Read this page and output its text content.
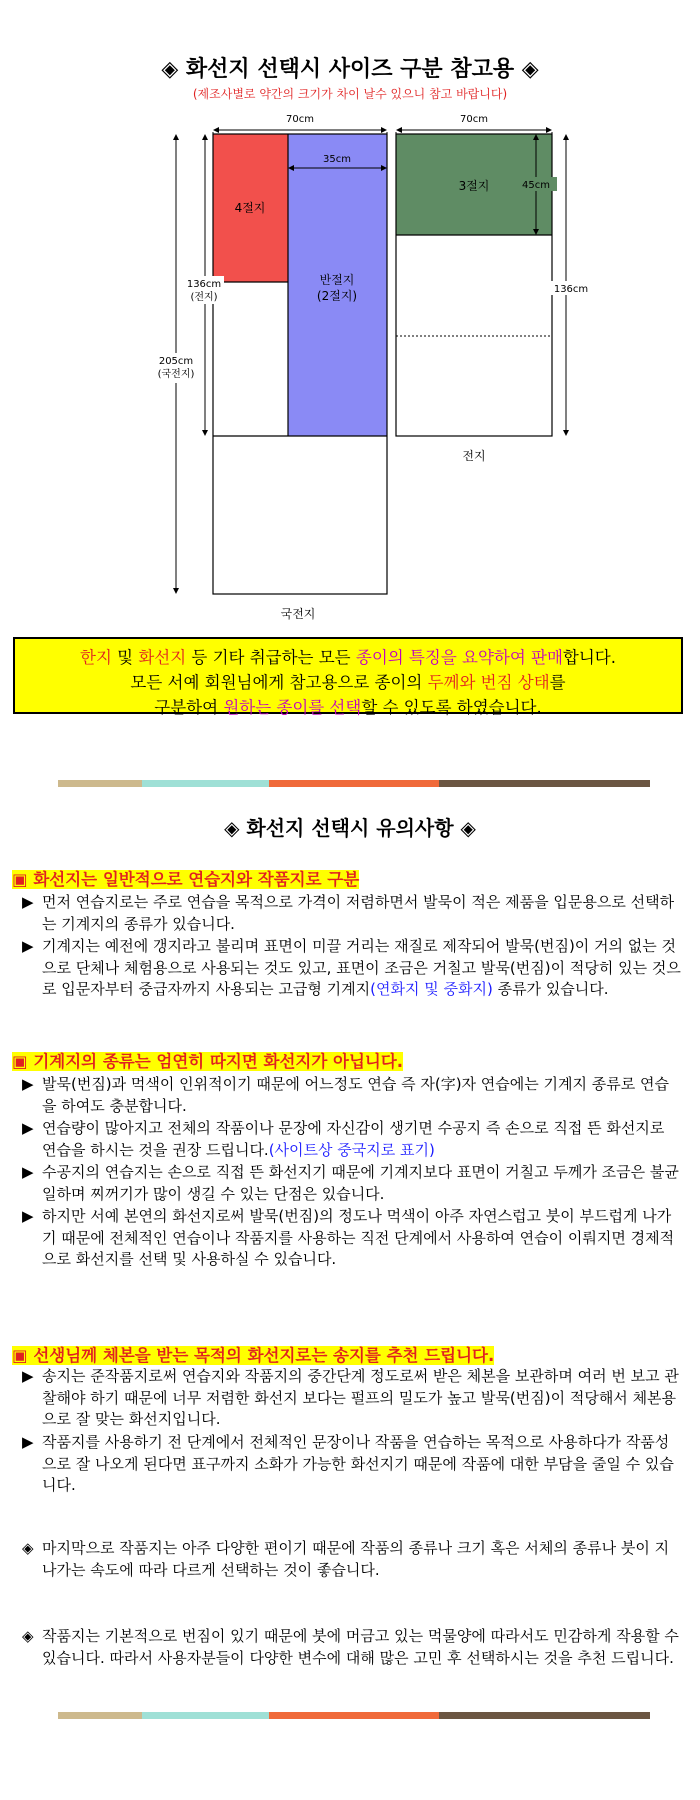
◈ 화선지 선택시 사이즈 구분 참고용 ◈
(제조사별로 약간의 크기가 차이 날수 있으니 참고 바랍니다)
70cm
35cm
4절지
반절지
(2절지)
136cm
(전지)
205cm
(국전지)
국전지
70cm
3절지	45cm
136cm
전지
한지 및 화선지 등 기타 취급하는 모든 종이의 특징을 요약하여 판매합니다.
모든 서예 회원님에게 참고용으로 종이의 두께와 번짐 상태를
구분하여 원하는 종이를 선택할 수 있도록 하였습니다.
◈ 화선지 선택시 유의사항 ◈
▣ 화선지는 일반적으로 연습지와 작품지로 구분
▶ 먼저 연습지로는 주로 연습을 목적으로 가격이 저렴하면서 발묵이 적은 제품을 입문용으로 선택하는 기계지의 종류가 있습니다.
▶ 기계지는 예전에 갱지라고 불리며 표면이 미끌 거리는 재질로 제작되어 발묵(번짐)이 거의 없는 것으로 단체나 체험용으로 사용되는 것도 있고, 표면이 조금은 거칠고 발묵(번짐)이 적당히 있는 것으로 입문자부터 중급자까지 사용되는 고급형 기계지(연화지 및 중화지) 종류가 있습니다.
▣ 기계지의 종류는 엄연히 따지면 화선지가 아닙니다.
▶ 발묵(번짐)과 먹색이 인위적이기 때문에 어느정도 연습 즉 자(字)자 연습에는 기계지 종류로 연습을 하여도 충분합니다.
▶ 연습량이 많아지고 전체의 작품이나 문장에 자신감이 생기면 수공지 즉 손으로 직접 뜬 화선지로 연습을 하시는 것을 권장 드립니다.(사이트상 중국지로 표기)
▶ 수공지의 연습지는 손으로 직접 뜬 화선지기 때문에 기계지보다 표면이 거칠고 두께가 조금은 불균일하며 찌꺼기가 많이 생길 수 있는 단점은 있습니다.
▶ 하지만 서예 본연의 화선지로써 발묵(번짐)의 정도나 먹색이 아주 자연스럽고 붓이 부드럽게 나가기 때문에 전체적인 연습이나 작품지를 사용하는 직전 단계에서 사용하여 연습이 이뤄지면 경제적으로 화선지를 선택 및 사용하실 수 있습니다.
▣ 선생님께 체본을 받는 목적의 화선지로는 송지를 추천 드립니다.
▶ 송지는 준작품지로써 연습지와 작품지의 중간단계 정도로써 받은 체본을 보관하며 여러 번 보고 관찰해야 하기 때문에 너무 저렴한 화선지 보다는 펄프의 밀도가 높고 발묵(번짐)이 적당해서 체본용으로 잘 맞는 화선지입니다.
▶ 작품지를 사용하기 전 단계에서 전체적인 문장이나 작품을 연습하는 목적으로 사용하다가 작품성으로 잘 나오게 된다면 표구까지 소화가 가능한 화선지기 때문에 작품에 대한 부담을 줄일 수 있습니다.
◈ 마지막으로 작품지는 아주 다양한 편이기 때문에 작품의 종류나 크기 혹은 서체의 종류나 붓이 지나가는 속도에 따라 다르게 선택하는 것이 좋습니다.
◈ 작품지는 기본적으로 번짐이 있기 때문에 붓에 머금고 있는 먹물양에 따라서도 민감하게 작용할 수 있습니다. 따라서 사용자분들이 다양한 변수에 대해 많은 고민 후 선택하시는 것을 추천 드립니다.
